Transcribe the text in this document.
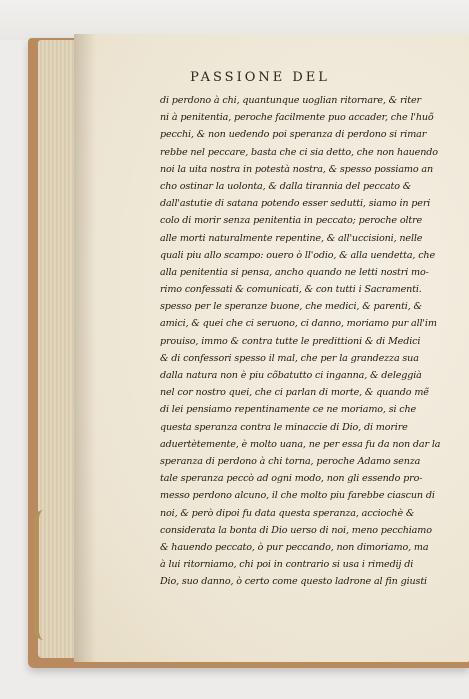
PASSIONE DEL
di perdono à chi, quantunque uoglian ritornare, & riter
ni à penitentia, peroche facilmente puo accader, che l'huõ
pecchi, & non uedendo poi speranza di perdono si rimar
rebbe nel peccare, basta che ci sia detto, che non hauendo
noi la uita nostra in potestà nostra, & spesso possiamo an
cho ostinar la uolonta, & dalla tirannia del peccato &
dall'astutie di satana potendo esser sedutti, siamo in peri
colo di morir senza penitentia in peccato; peroche oltre
alle morti naturalmente repentine, & all'uccisioni, nelle
quali piu allo scampo: ouero ò ll'odio, & alla uendetta, che
alla penitentia si pensa, ancho quando ne letti nostri mo-
rimo confessati & comunicati, & con tutti i Sacramenti.
spesso per le speranze buone, che medici, & parenti, &
amici, & quei che ci seruono, ci danno, moriamo pur all'im
prouiso, immo & contra tutte le predittioni & di Medici
& di confessori spesso il mal, che per la grandezza sua
dalla natura non è piu cõbatutto ci inganna, & deleggià
nel cor nostro quei, che ci parlan di morte, & quando mẽ
di lei pensiamo repentinamente ce ne moriamo, si che
questa speranza contra le minaccie di Dio, di morire
aduertètemente, è molto uana, ne per essa fu da non dar la
speranza di perdono à chi torna, peroche Adamo senza
tale speranza peccò ad ogni modo, non gli essendo pro-
messo perdono alcuno, il che molto piu farebbe ciascun di
noi, & però dipoi fu data questa speranza, acciochè &
considerata la bonta di Dio uerso di noi, meno pecchiamo
& hauendo peccato, ò pur peccando, non dimoriamo, ma
à lui ritorniamo, chi poi in contrario si usa i rimedij di
Dio, suo danno, ò certo come questo ladrone al fin giusti
